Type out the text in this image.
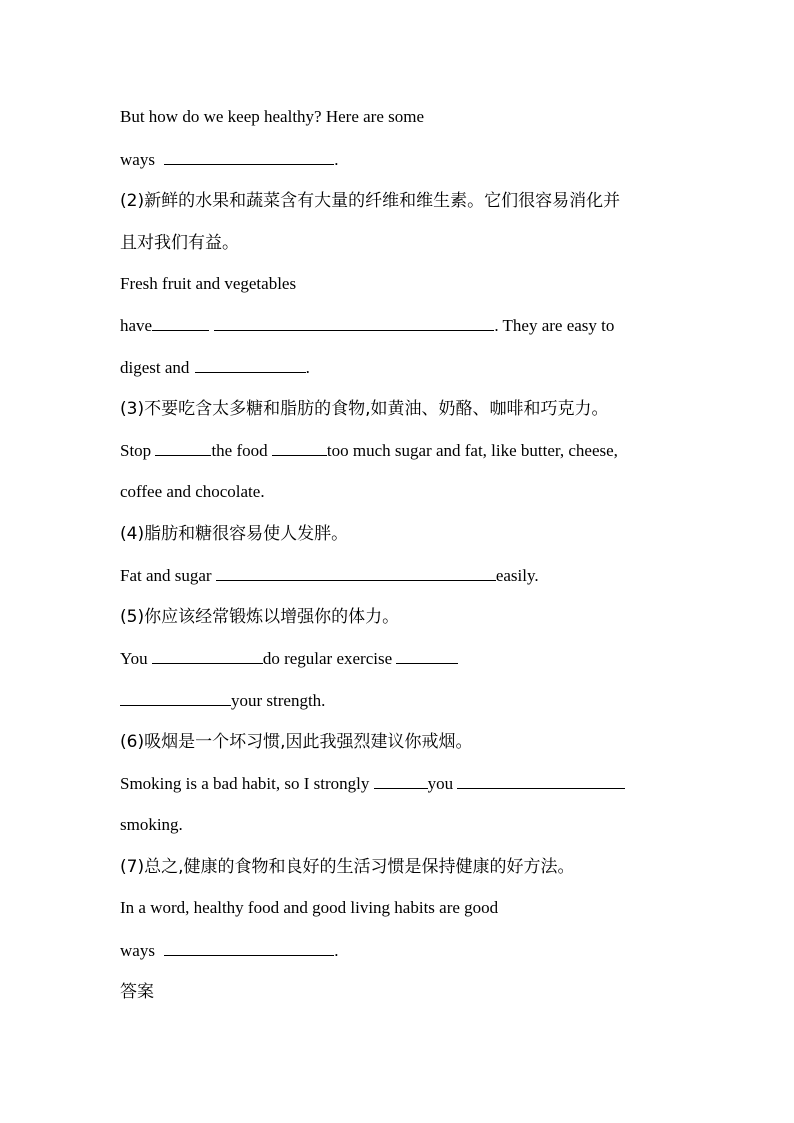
But how do we keep healthy? Here are some
ways	.
(2)新鲜的水果和蔬菜含有大量的纤维和维生素。它们很容易消化并
且对我们有益。
Fresh fruit and vegetables
have	. They are easy to
digest and	.
(3)不要吃含太多糖和脂肪的食物,如黄油、奶酪、咖啡和巧克力。
Stop	the food	too much sugar and fat, like butter, cheese,
coffee and chocolate.
(4)脂肪和糖很容易使人发胖。
Fat and sugar	easily.
(5)你应该经常锻炼以增强你的体力。
You	do regular exercise
your strength.
(6)吸烟是一个坏习惯,因此我强烈建议你戒烟。
Smoking is a bad habit, so I strongly	you
smoking.
(7)总之,健康的食物和良好的生活习惯是保持健康的好方法。
In a word, healthy food and good living habits are good
ways	.
答案
